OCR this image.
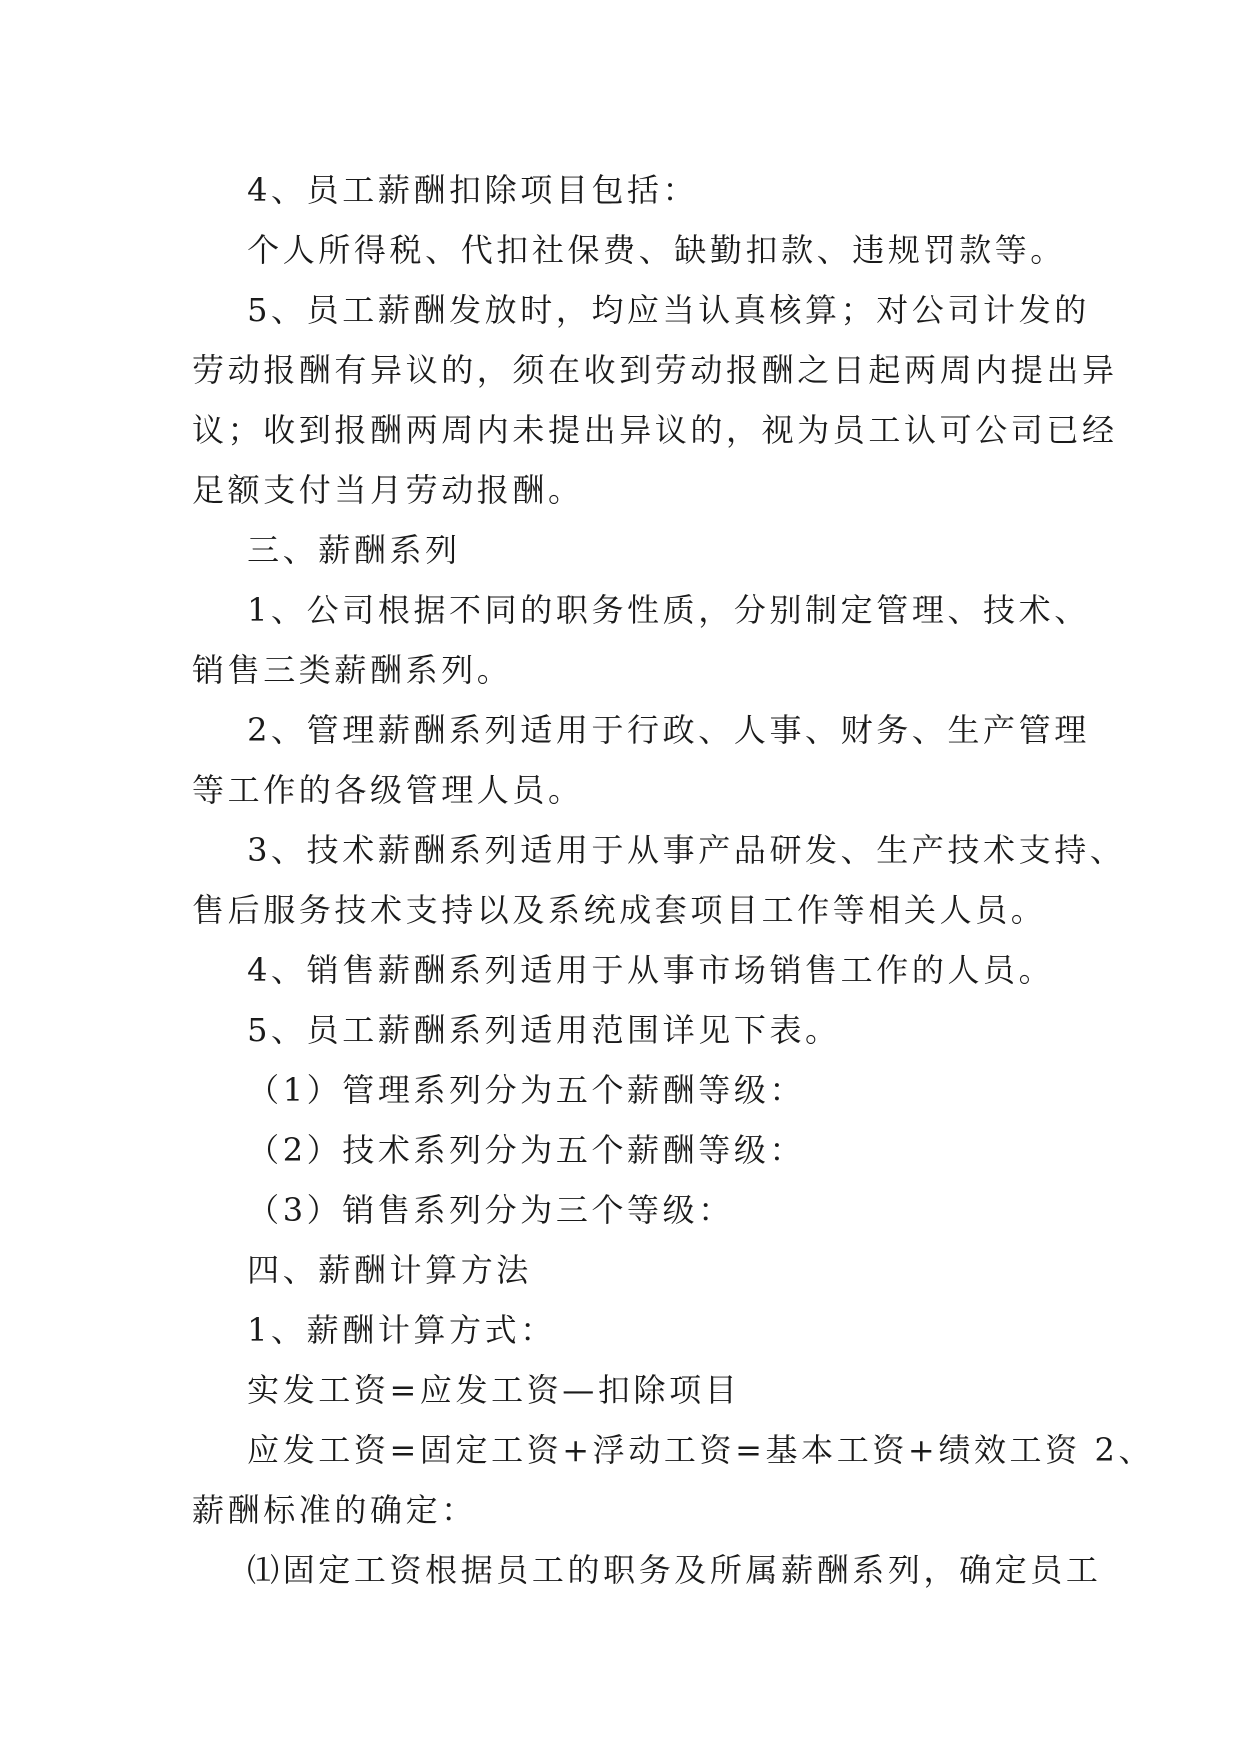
4、员工薪酬扣除项目包括：

个人所得税、代扣社保费、缺勤扣款、违规罚款等。

5、员工薪酬发放时，均应当认真核算；对公司计发的

劳动报酬有异议的，须在收到劳动报酬之日起两周内提出异

议；收到报酬两周内未提出异议的，视为员工认可公司已经

足额支付当月劳动报酬。

三、薪酬系列

1、公司根据不同的职务性质，分别制定管理、技术、

销售三类薪酬系列。

2、管理薪酬系列适用于行政、人事、财务、生产管理

等工作的各级管理人员。

3、技术薪酬系列适用于从事产品研发、生产技术支持、

售后服务技术支持以及系统成套项目工作等相关人员。

4、销售薪酬系列适用于从事市场销售工作的人员。

5、员工薪酬系列适用范围详见下表。

（1）管理系列分为五个薪酬等级：

（2）技术系列分为五个薪酬等级：

（3）销售系列分为三个等级：

四、薪酬计算方法

1、薪酬计算方式：

实发工资=应发工资—扣除项目

应发工资=固定工资+浮动工资=基本工资+绩效工资 2、

薪酬标准的确定：

⑴固定工资根据员工的职务及所属薪酬系列，确定员工
